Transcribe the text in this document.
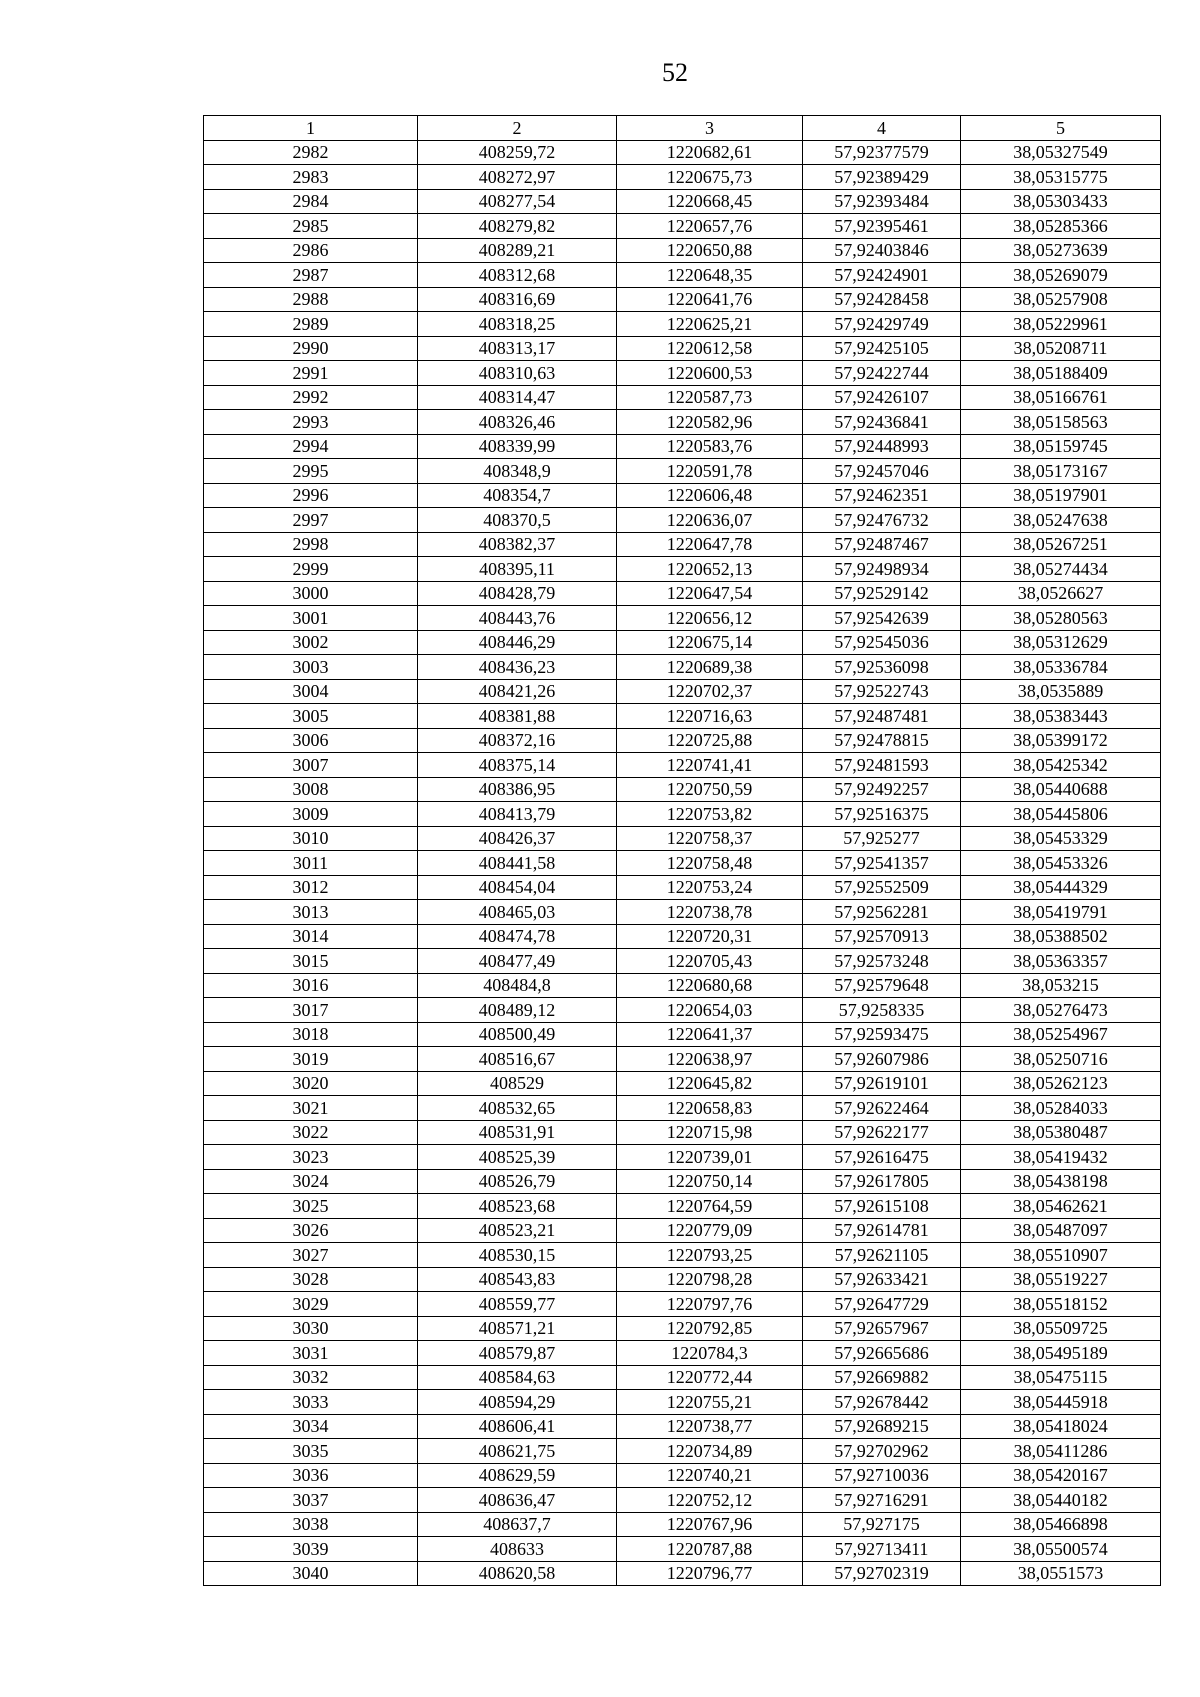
52
1	2	3	4	5
2982	408259,72	1220682,61	57,92377579	38,05327549
2983	408272,97	1220675,73	57,92389429	38,05315775
2984	408277,54	1220668,45	57,92393484	38,05303433
2985	408279,82	1220657,76	57,92395461	38,05285366
2986	408289,21	1220650,88	57,92403846	38,05273639
2987	408312,68	1220648,35	57,92424901	38,05269079
2988	408316,69	1220641,76	57,92428458	38,05257908
2989	408318,25	1220625,21	57,92429749	38,05229961
2990	408313,17	1220612,58	57,92425105	38,05208711
2991	408310,63	1220600,53	57,92422744	38,05188409
2992	408314,47	1220587,73	57,92426107	38,05166761
2993	408326,46	1220582,96	57,92436841	38,05158563
2994	408339,99	1220583,76	57,92448993	38,05159745
2995	408348,9	1220591,78	57,92457046	38,05173167
2996	408354,7	1220606,48	57,92462351	38,05197901
2997	408370,5	1220636,07	57,92476732	38,05247638
2998	408382,37	1220647,78	57,92487467	38,05267251
2999	408395,11	1220652,13	57,92498934	38,05274434
3000	408428,79	1220647,54	57,92529142	38,0526627
3001	408443,76	1220656,12	57,92542639	38,05280563
3002	408446,29	1220675,14	57,92545036	38,05312629
3003	408436,23	1220689,38	57,92536098	38,05336784
3004	408421,26	1220702,37	57,92522743	38,0535889
3005	408381,88	1220716,63	57,92487481	38,05383443
3006	408372,16	1220725,88	57,92478815	38,05399172
3007	408375,14	1220741,41	57,92481593	38,05425342
3008	408386,95	1220750,59	57,92492257	38,05440688
3009	408413,79	1220753,82	57,92516375	38,05445806
3010	408426,37	1220758,37	57,925277	38,05453329
3011	408441,58	1220758,48	57,92541357	38,05453326
3012	408454,04	1220753,24	57,92552509	38,05444329
3013	408465,03	1220738,78	57,92562281	38,05419791
3014	408474,78	1220720,31	57,92570913	38,05388502
3015	408477,49	1220705,43	57,92573248	38,05363357
3016	408484,8	1220680,68	57,92579648	38,053215
3017	408489,12	1220654,03	57,9258335	38,05276473
3018	408500,49	1220641,37	57,92593475	38,05254967
3019	408516,67	1220638,97	57,92607986	38,05250716
3020	408529	1220645,82	57,92619101	38,05262123
3021	408532,65	1220658,83	57,92622464	38,05284033
3022	408531,91	1220715,98	57,92622177	38,05380487
3023	408525,39	1220739,01	57,92616475	38,05419432
3024	408526,79	1220750,14	57,92617805	38,05438198
3025	408523,68	1220764,59	57,92615108	38,05462621
3026	408523,21	1220779,09	57,92614781	38,05487097
3027	408530,15	1220793,25	57,92621105	38,05510907
3028	408543,83	1220798,28	57,92633421	38,05519227
3029	408559,77	1220797,76	57,92647729	38,05518152
3030	408571,21	1220792,85	57,92657967	38,05509725
3031	408579,87	1220784,3	57,92665686	38,05495189
3032	408584,63	1220772,44	57,92669882	38,05475115
3033	408594,29	1220755,21	57,92678442	38,05445918
3034	408606,41	1220738,77	57,92689215	38,05418024
3035	408621,75	1220734,89	57,92702962	38,05411286
3036	408629,59	1220740,21	57,92710036	38,05420167
3037	408636,47	1220752,12	57,92716291	38,05440182
3038	408637,7	1220767,96	57,927175	38,05466898
3039	408633	1220787,88	57,92713411	38,05500574
3040	408620,58	1220796,77	57,92702319	38,0551573
